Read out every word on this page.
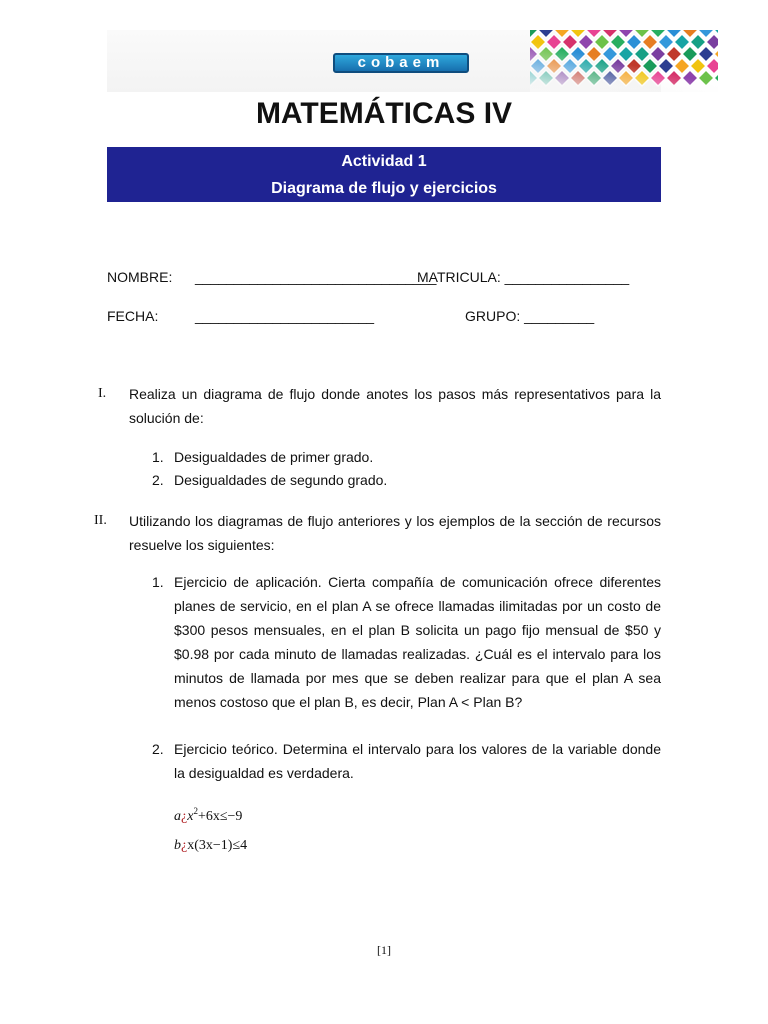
cobaem
MATEMÁTICAS IV
Actividad 1
Diagrama de flujo y ejercicios
NOMBRE: _______________________________
MATRICULA: ________________
FECHA:	_______________________	GRUPO: _________
I. Realiza un diagrama de flujo donde anotes los pasos más representativos para la solución de:
1. Desigualdades de primer grado.
2. Desigualdades de segundo grado.
II. Utilizando los diagramas de flujo anteriores y los ejemplos de la sección de recursos resuelve los siguientes:
1. Ejercicio de aplicación. Cierta compañía de comunicación ofrece diferentes planes de servicio, en el plan A se ofrece llamadas ilimitadas por un costo de $300 pesos mensuales, en el plan B solicita un pago fijo mensual de $50 y $0.98 por cada minuto de llamadas realizadas. ¿Cuál es el intervalo para los minutos de llamada por mes que se deben realizar para que el plan A sea menos costoso que el plan B, es decir, Plan A < Plan B?
2. Ejercicio teórico. Determina el intervalo para los valores de la variable donde la desigualdad es verdadera.
$a¿x^2+6x\le-9$
b¿x(3x−1)≤4
[1]
